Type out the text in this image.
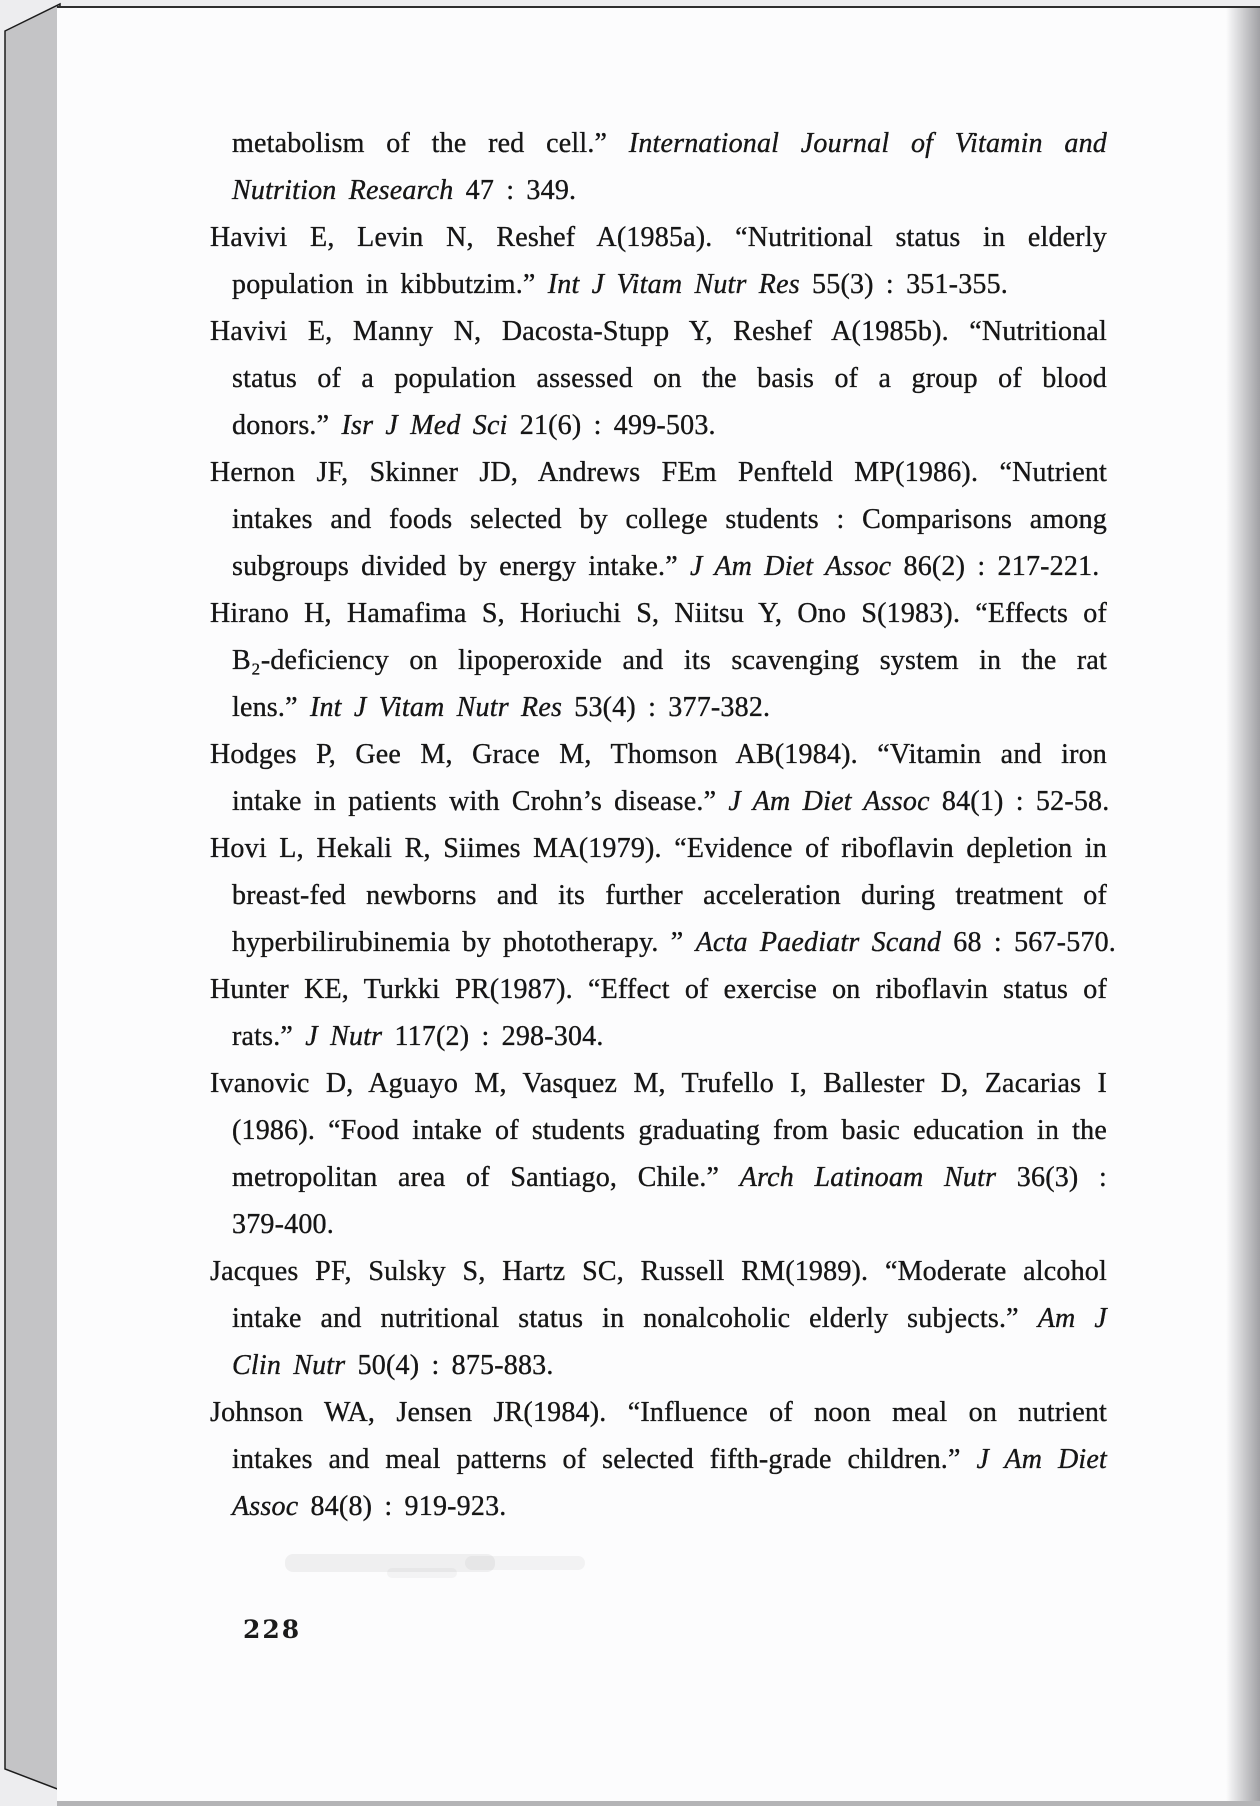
metabolism of the red cell.” International Journal of Vitamin and
Nutrition Research 47 : 349.
Havivi E, Levin N, Reshef A(1985a). “Nutritional status in elderly
population in kibbutzim.” Int J Vitam Nutr Res 55(3) : 351-355.
Havivi E, Manny N, Dacosta-Stupp Y, Reshef A(1985b). “Nutritional
status of a population assessed on the basis of a group of blood
donors.” Isr J Med Sci 21(6) : 499-503.
Hernon JF, Skinner JD, Andrews FEm Penfteld MP(1986). “Nutrient
intakes and foods selected by college students : Comparisons among
subgroups divided by energy intake.” J Am Diet Assoc 86(2) : 217-221.
Hirano H, Hamafima S, Horiuchi S, Niitsu Y, Ono S(1983). “Effects of
B₂-deficiency on lipoperoxide and its scavenging system in the rat
lens.” Int J Vitam Nutr Res 53(4) : 377-382.
Hodges P, Gee M, Grace M, Thomson AB(1984). “Vitamin and iron
intake in patients with Crohn’s disease.” J Am Diet Assoc 84(1) : 52-58.
Hovi L, Hekali R, Siimes MA(1979). “Evidence of riboflavin depletion in
breast-fed newborns and its further acceleration during treatment of
hyperbilirubinemia by phototherapy. ” Acta Paediatr Scand 68 : 567-570.
Hunter KE, Turkki PR(1987). “Effect of exercise on riboflavin status of
rats.” J Nutr 117(2) : 298-304.
Ivanovic D, Aguayo M, Vasquez M, Trufello I, Ballester D, Zacarias I
(1986). “Food intake of students graduating from basic education in the
metropolitan area of Santiago, Chile.” Arch Latinoam Nutr 36(3) :
379-400.
Jacques PF, Sulsky S, Hartz SC, Russell RM(1989). “Moderate alcohol
intake and nutritional status in nonalcoholic elderly subjects.” Am J
Clin Nutr 50(4) : 875-883.
Johnson WA, Jensen JR(1984). “Influence of noon meal on nutrient
intakes and meal patterns of selected fifth-grade children.” J Am Diet
Assoc 84(8) : 919-923.
228
